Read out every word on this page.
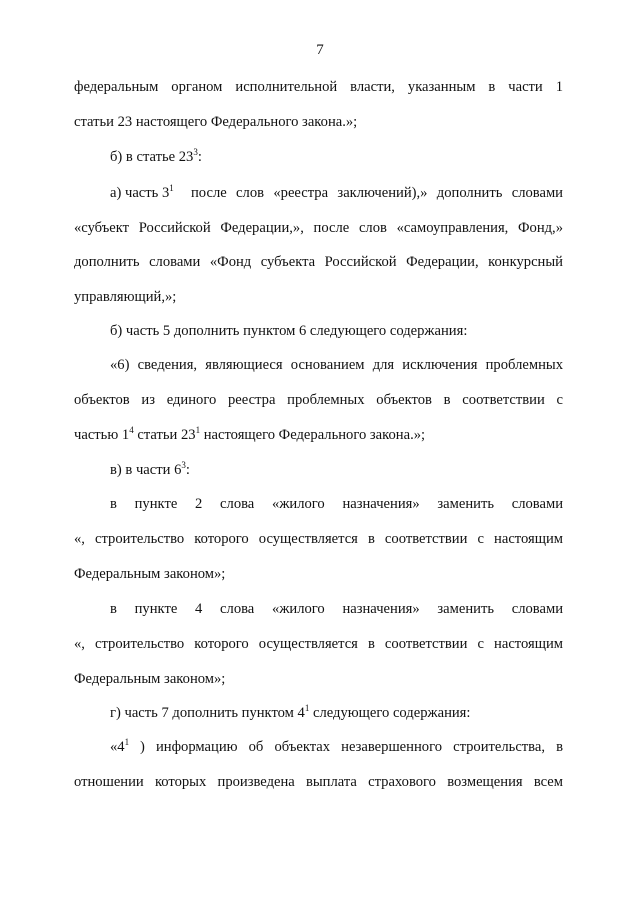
7
федеральным органом исполнительной власти, указанным в части 1
статьи 23 настоящего Федерального закона.»;
б) в статье $23^3$:
а) часть $3^1$ после слов «реестра заключений),» дополнить словами
«субъект Российской Федерации,», после слов «самоуправления, Фонд,»
дополнить словами «Фонд субъекта Российской Федерации, конкурсный
управляющий,»;
б) часть 5 дополнить пунктом 6 следующего содержания:
«6) сведения, являющиеся основанием для исключения проблемных
объектов из единого реестра проблемных объектов в соответствии с
частью $1^4$ статьи $23^1$ настоящего Федерального закона.»;
в) в части $6^3$:
в пункте 2 слова «жилого назначения» заменить словами
«, строительство которого осуществляется в соответствии с настоящим
Федеральным законом»;
в пункте 4 слова «жилого назначения» заменить словами
«, строительство которого осуществляется в соответствии с настоящим
Федеральным законом»;
г) часть 7 дополнить пунктом $4^1$ следующего содержания:
«$4^1$ ) информацию об объектах незавершенного строительства, в
отношении которых произведена выплата страхового возмещения всем
